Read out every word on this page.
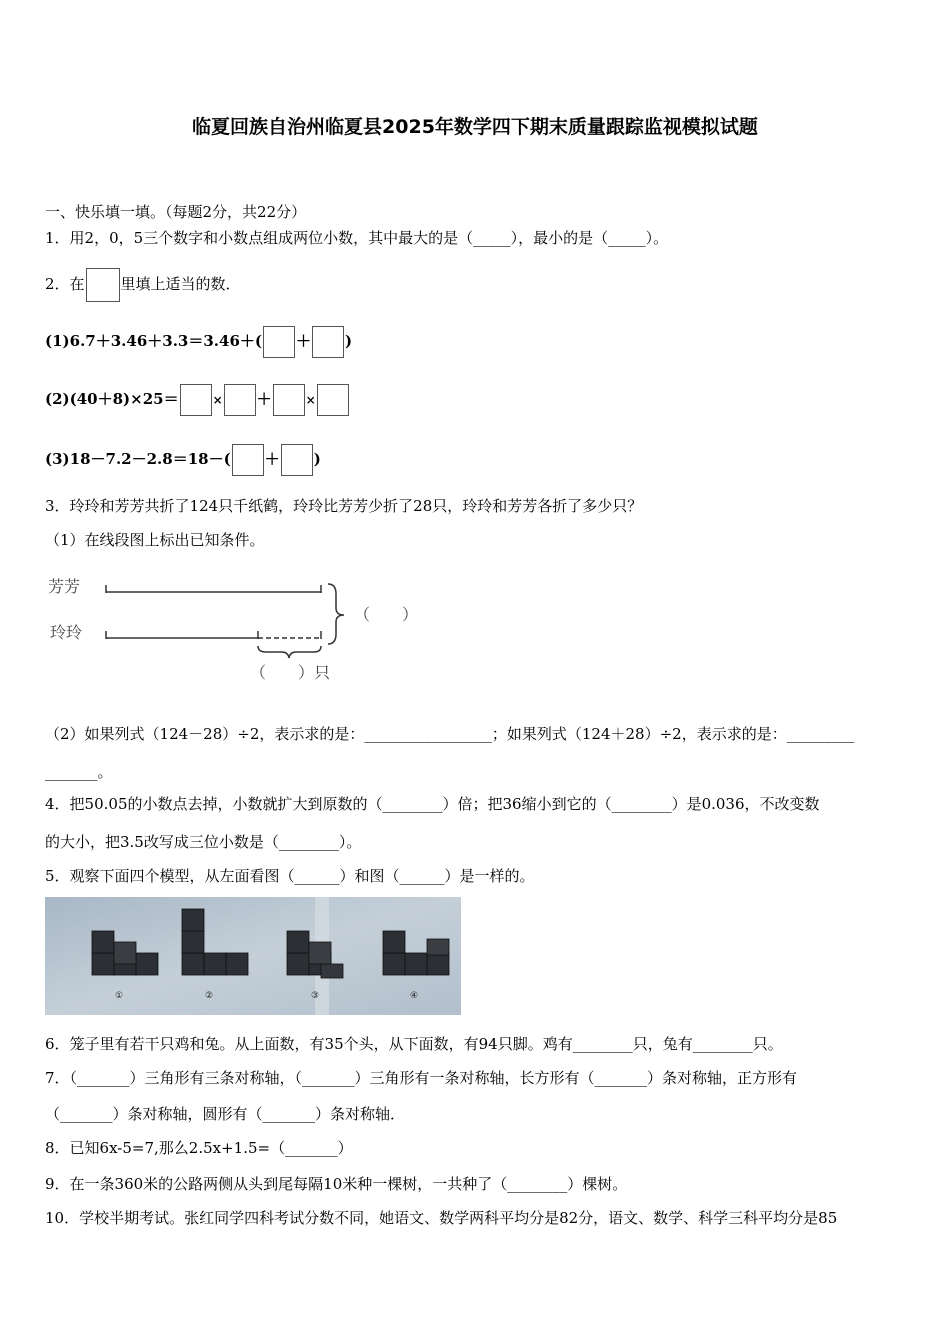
临夏回族自治州临夏县2025年数学四下期末质量跟踪监视模拟试题
一、快乐填一填。（每题2分，共22分）
1．用2，0，5三个数字和小数点组成两位小数，其中最大的是（_____），最小的是（_____）。
2．在 里填上适当的数．
(1)6.7＋3.46＋3.3＝3.46＋( ＋ )
(2)(40＋8)×25＝	× ＋	×
(3)18－7.2－2.8＝18－( ＋ )
3．玲玲和芳芳共折了124只千纸鹤，玲玲比芳芳少折了28只，玲玲和芳芳各折了多少只？
（1）在线段图上标出已知条件。
芳芳
玲玲
（　　）
（　　）只
（2）如果列式（124－28）÷2，表示求的是：_________________；如果列式（124＋28）÷2，表示求的是：_________
_______。
4．把50.05的小数点去掉，小数就扩大到原数的（________）倍；把36缩小到它的（________）是0.036，不改变数
的大小，把3.5改写成三位小数是（________）。
5．观察下面四个模型，从左面看图（______）和图（______）是一样的。
①	②	③	④
6．笼子里有若干只鸡和兔。从上面数，有35个头，从下面数，有94只脚。鸡有________只，兔有________只。
7．（_______）三角形有三条对称轴，（_______）三角形有一条对称轴，长方形有（_______）条对称轴，正方形有
（_______）条对称轴，圆形有（_______）条对称轴．
8．已知6x-5=7,那么2.5x+1.5=（_______）
9．在一条360米的公路两侧从头到尾每隔10米种一棵树，一共种了（________）棵树。
10．学校半期考试。张红同学四科考试分数不同，她语文、数学两科平均分是82分，语文、数学、科学三科平均分是85
